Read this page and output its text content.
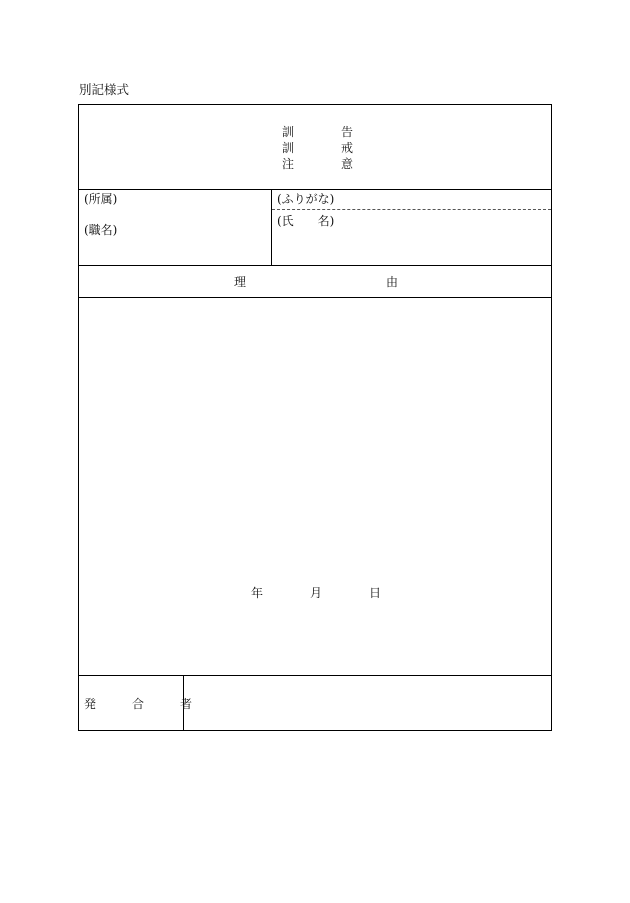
別記様式
訓	告
訓	戒
注	意
(所属)
(職名)
(ふりがな)
(氏　　名)
理	由
年	月	日
発　　　合　　　者
